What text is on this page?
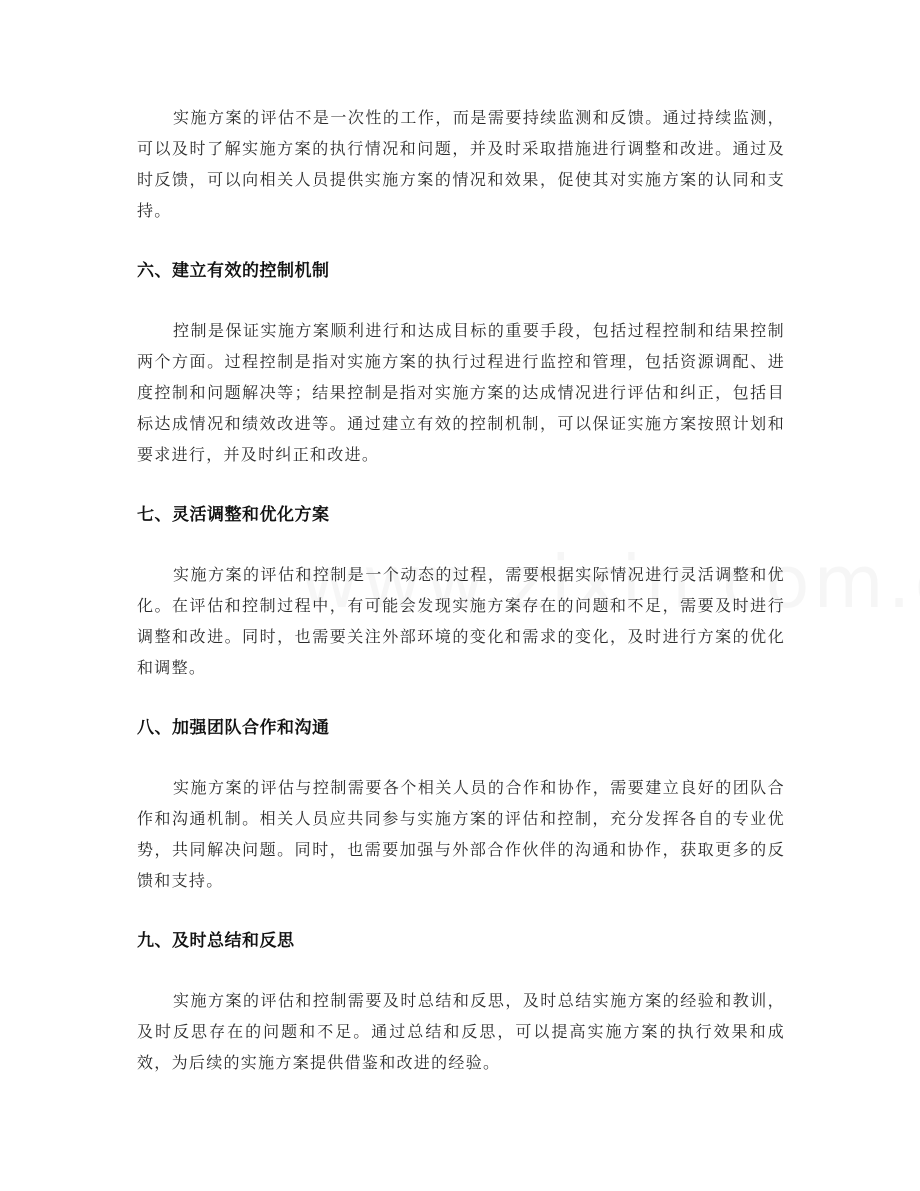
实施方案的评估不是一次性的工作，而是需要持续监测和反馈。通过持续监测，可以及时了解实施方案的执行情况和问题，并及时采取措施进行调整和改进。通过及时反馈，可以向相关人员提供实施方案的情况和效果，促使其对实施方案的认同和支持。

六、建立有效的控制机制

控制是保证实施方案顺利进行和达成目标的重要手段，包括过程控制和结果控制两个方面。过程控制是指对实施方案的执行过程进行监控和管理，包括资源调配、进度控制和问题解决等；结果控制是指对实施方案的达成情况进行评估和纠正，包括目标达成情况和绩效改进等。通过建立有效的控制机制，可以保证实施方案按照计划和要求进行，并及时纠正和改进。

七、灵活调整和优化方案

实施方案的评估和控制是一个动态的过程，需要根据实际情况进行灵活调整和优化。在评估和控制过程中，有可能会发现实施方案存在的问题和不足，需要及时进行调整和改进。同时，也需要关注外部环境的变化和需求的变化，及时进行方案的优化和调整。

八、加强团队合作和沟通

实施方案的评估与控制需要各个相关人员的合作和协作，需要建立良好的团队合作和沟通机制。相关人员应共同参与实施方案的评估和控制，充分发挥各自的专业优势，共同解决问题。同时，也需要加强与外部合作伙伴的沟通和协作，获取更多的反馈和支持。

九、及时总结和反思

实施方案的评估和控制需要及时总结和反思，及时总结实施方案的经验和教训，及时反思存在的问题和不足。通过总结和反思，可以提高实施方案的执行效果和成效，为后续的实施方案提供借鉴和改进的经验。
